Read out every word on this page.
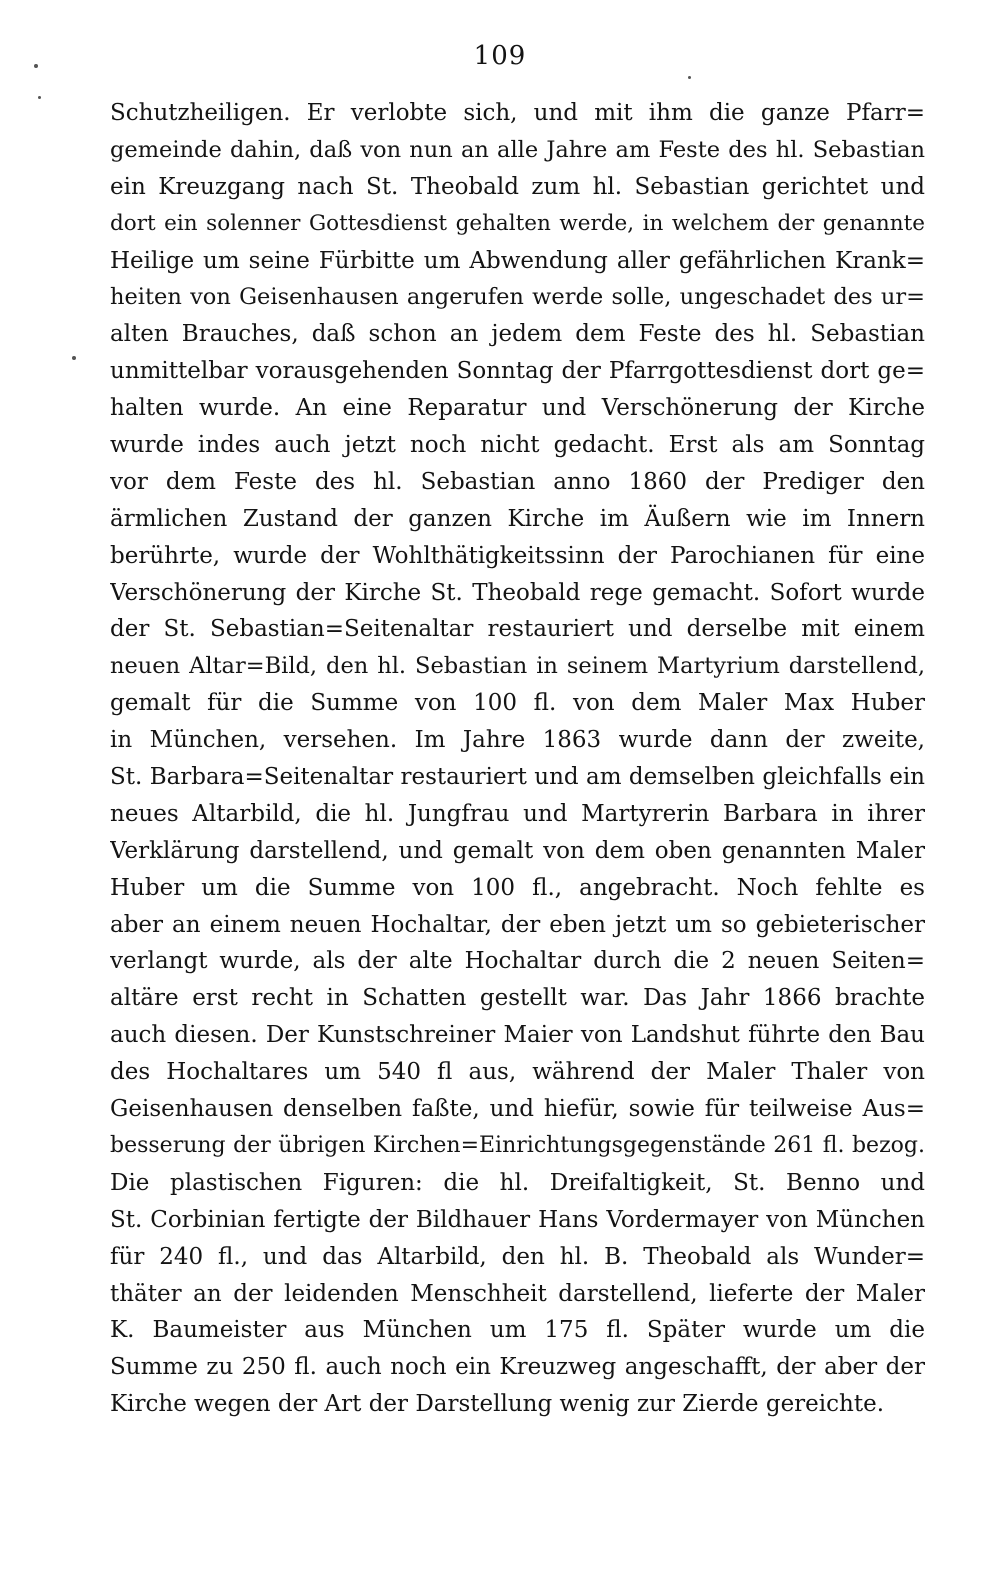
109
Schutzheiligen. Er verlobte sich, und mit ihm die ganze Pfarr=
gemeinde dahin, daß von nun an alle Jahre am Feste des hl. Sebastian
ein Kreuzgang nach St. Theobald zum hl. Sebastian gerichtet und
dort ein solenner Gottesdienst gehalten werde, in welchem der genannte
Heilige um seine Fürbitte um Abwendung aller gefährlichen Krank=
heiten von Geisenhausen angerufen werde solle, ungeschadet des ur=
alten Brauches, daß schon an jedem dem Feste des hl. Sebastian
unmittelbar vorausgehenden Sonntag der Pfarrgottesdienst dort ge=
halten wurde. An eine Reparatur und Verschönerung der Kirche
wurde indes auch jetzt noch nicht gedacht. Erst als am Sonntag
vor dem Feste des hl. Sebastian anno 1860 der Prediger den
ärmlichen Zustand der ganzen Kirche im Äußern wie im Innern
berührte, wurde der Wohlthätigkeitssinn der Parochianen für eine
Verschönerung der Kirche St. Theobald rege gemacht. Sofort wurde
der St. Sebastian=Seitenaltar restauriert und derselbe mit einem
neuen Altar=Bild, den hl. Sebastian in seinem Martyrium darstellend,
gemalt für die Summe von 100 fl. von dem Maler Max Huber
in München, versehen. Im Jahre 1863 wurde dann der zweite,
St. Barbara=Seitenaltar restauriert und am demselben gleichfalls ein
neues Altarbild, die hl. Jungfrau und Martyrerin Barbara in ihrer
Verklärung darstellend, und gemalt von dem oben genannten Maler
Huber um die Summe von 100 fl., angebracht. Noch fehlte es
aber an einem neuen Hochaltar, der eben jetzt um so gebieterischer
verlangt wurde, als der alte Hochaltar durch die 2 neuen Seiten=
altäre erst recht in Schatten gestellt war. Das Jahr 1866 brachte
auch diesen. Der Kunstschreiner Maier von Landshut führte den Bau
des Hochaltares um 540 fl aus, während der Maler Thaler von
Geisenhausen denselben faßte, und hiefür, sowie für teilweise Aus=
besserung der übrigen Kirchen=Einrichtungsgegenstände 261 fl. bezog.
Die plastischen Figuren: die hl. Dreifaltigkeit, St. Benno und
St. Corbinian fertigte der Bildhauer Hans Vordermayer von München
für 240 fl., und das Altarbild, den hl. B. Theobald als Wunder=
thäter an der leidenden Menschheit darstellend, lieferte der Maler
K. Baumeister aus München um 175 fl. Später wurde um die
Summe zu 250 fl. auch noch ein Kreuzweg angeschafft, der aber der
Kirche wegen der Art der Darstellung wenig zur Zierde gereichte.
